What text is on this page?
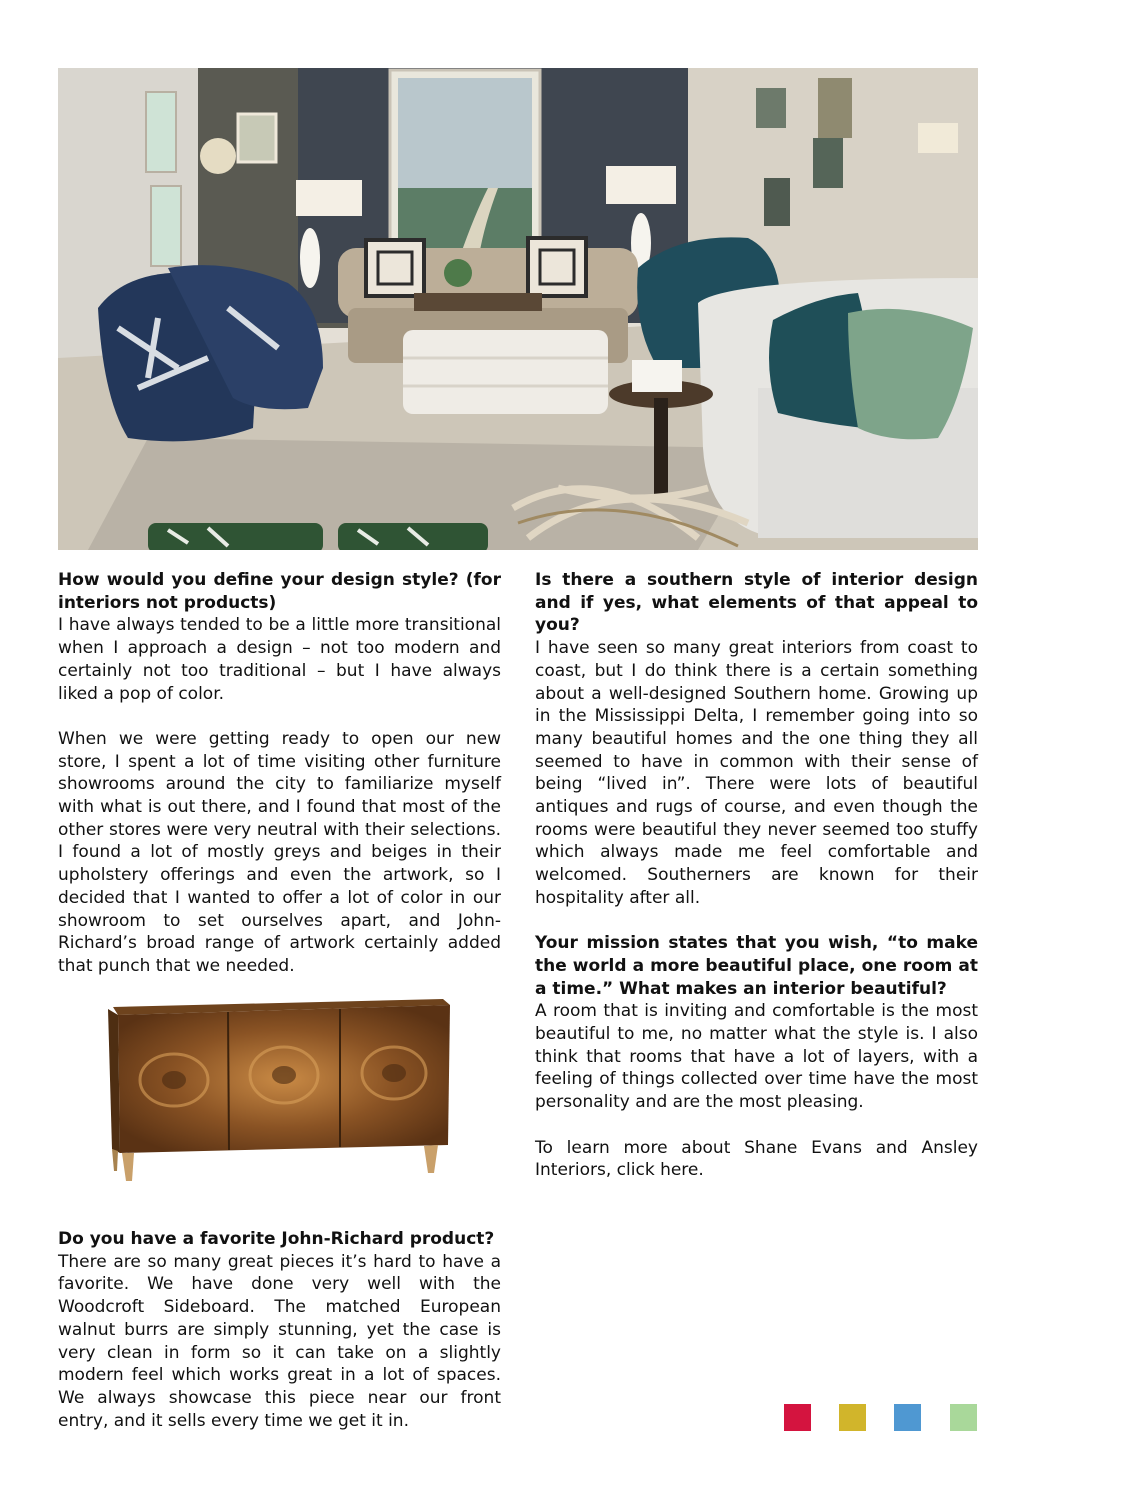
How would you define your design style? (for interiors not products)

I have always tended to be a little more transitional when I approach a design – not too modern and certainly not too traditional – but I have always liked a pop of color.

When we were getting ready to open our new store, I spent a lot of time visiting other furniture showrooms around the city to familiarize myself with what is out there, and I found that most of the other stores were very neutral with their selections. I found a lot of mostly greys and beiges in their upholstery offerings and even the artwork, so I decided that I wanted to offer a lot of color in our showroom to set ourselves apart, and John-Richard’s broad range of artwork certainly added that punch that we needed.

Do you have a favorite John-Richard product?

There are so many great pieces it’s hard to have a favorite. We have done very well with the Woodcroft Sideboard. The matched European walnut burrs are simply stunning, yet the case is very clean in form so it can take on a slightly modern feel which works great in a lot of spaces. We always showcase this piece near our front entry, and it sells every time we get it in.

Is there a southern style of interior design and if yes, what elements of that appeal to you?

I have seen so many great interiors from coast to coast, but I do think there is a certain something about a well-designed Southern home. Growing up in the Mississippi Delta, I remember going into so many beautiful homes and the one thing they all seemed to have in common with their sense of being “lived in”. There were lots of beautiful antiques and rugs of course, and even though the rooms were beautiful they never seemed too stuffy which always made me feel comfortable and welcomed. Southerners are known for their hospitality after all.

Your mission states that you wish, “to make the world a more beautiful place, one room at a time.” What makes an interior beautiful?

A room that is inviting and comfortable is the most beautiful to me, no matter what the style is. I also think that rooms that have a lot of layers, with a feeling of things collected over time have the most personality and are the most pleasing.

To learn more about Shane Evans and Ansley Interiors, click here.
